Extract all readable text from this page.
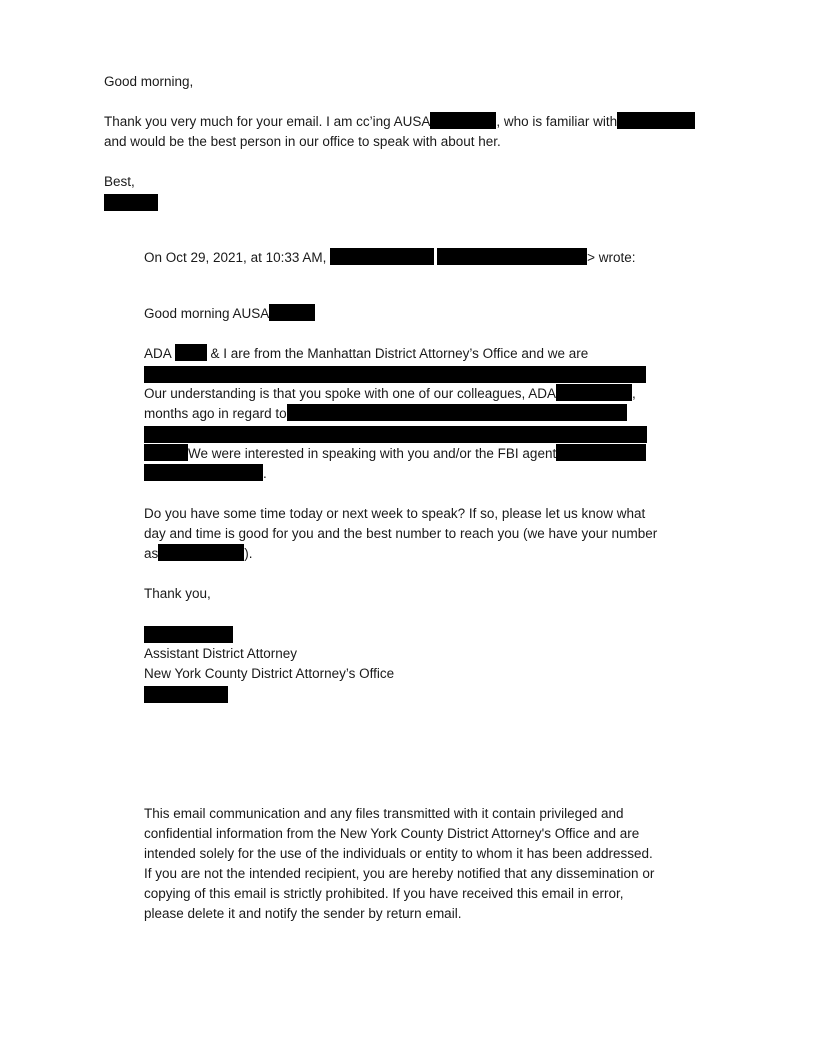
Good morning,
Thank you very much for your email. I am cc’ing AUSA	, who is familiar with
and would be the best person in our office to speak with about her.
Best,
On Oct 29, 2021, at 10:33 AM,	> wrote:
Good morning AUSA
ADA	& I are from the Manhattan District Attorney’s Office and we are
Our understanding is that you spoke with one of our colleagues, ADA	,
months ago in regard to
We were interested in speaking with you and/or the FBI agent
.
Do you have some time today or next week to speak? If so, please let us know what
day and time is good for you and the best number to reach you (we have your number
as	).
Thank you,
Assistant District Attorney
New York County District Attorney’s Office
This email communication and any files transmitted with it contain privileged and
confidential information from the New York County District Attorney's Office and are
intended solely for the use of the individuals or entity to whom it has been addressed.
If you are not the intended recipient, you are hereby notified that any dissemination or
copying of this email is strictly prohibited. If you have received this email in error,
please delete it and notify the sender by return email.
